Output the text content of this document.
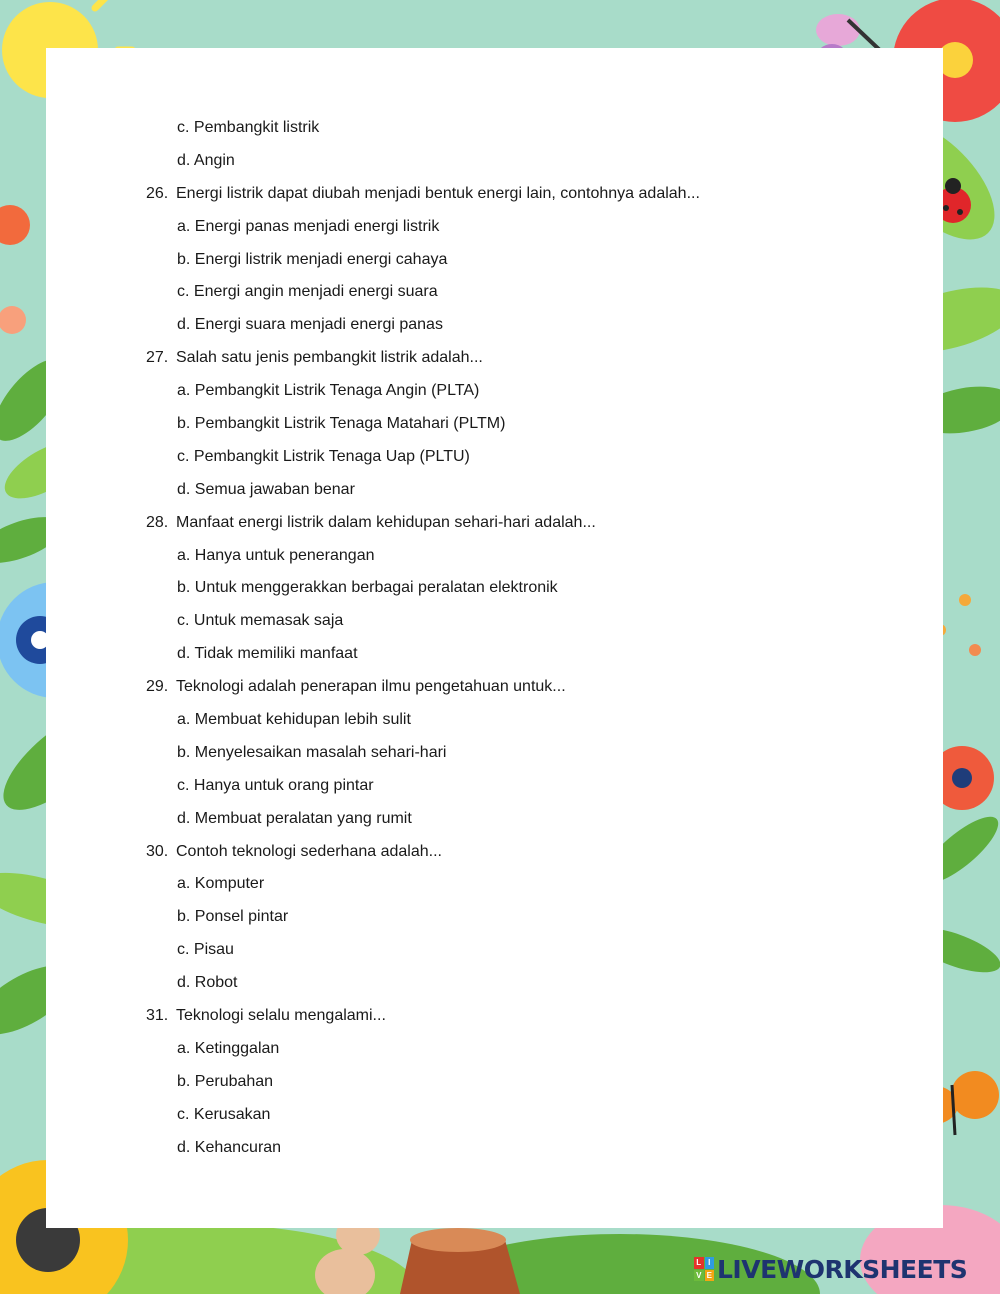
c. Pembangkit listrik
d. Angin
26. Energi listrik dapat diubah menjadi bentuk energi lain, contohnya adalah...
a. Energi panas menjadi energi listrik
b. Energi listrik menjadi energi cahaya
c. Energi angin menjadi energi suara
d. Energi suara menjadi energi panas
27. Salah satu jenis pembangkit listrik adalah...
a. Pembangkit Listrik Tenaga Angin (PLTA)
b. Pembangkit Listrik Tenaga Matahari (PLTM)
c. Pembangkit Listrik Tenaga Uap (PLTU)
d. Semua jawaban benar
28. Manfaat energi listrik dalam kehidupan sehari-hari adalah...
a. Hanya untuk penerangan
b. Untuk menggerakkan berbagai peralatan elektronik
c. Untuk memasak saja
d. Tidak memiliki manfaat
29. Teknologi adalah penerapan ilmu pengetahuan untuk...
a. Membuat kehidupan lebih sulit
b. Menyelesaikan masalah sehari-hari
c. Hanya untuk orang pintar
d. Membuat peralatan yang rumit
30. Contoh teknologi sederhana adalah...
a. Komputer
b. Ponsel pintar
c. Pisau
d. Robot
31. Teknologi selalu mengalami...
a. Ketinggalan
b. Perubahan
c. Kerusakan
d. Kehancuran
L I
V E LIVEWORKSHEETS
